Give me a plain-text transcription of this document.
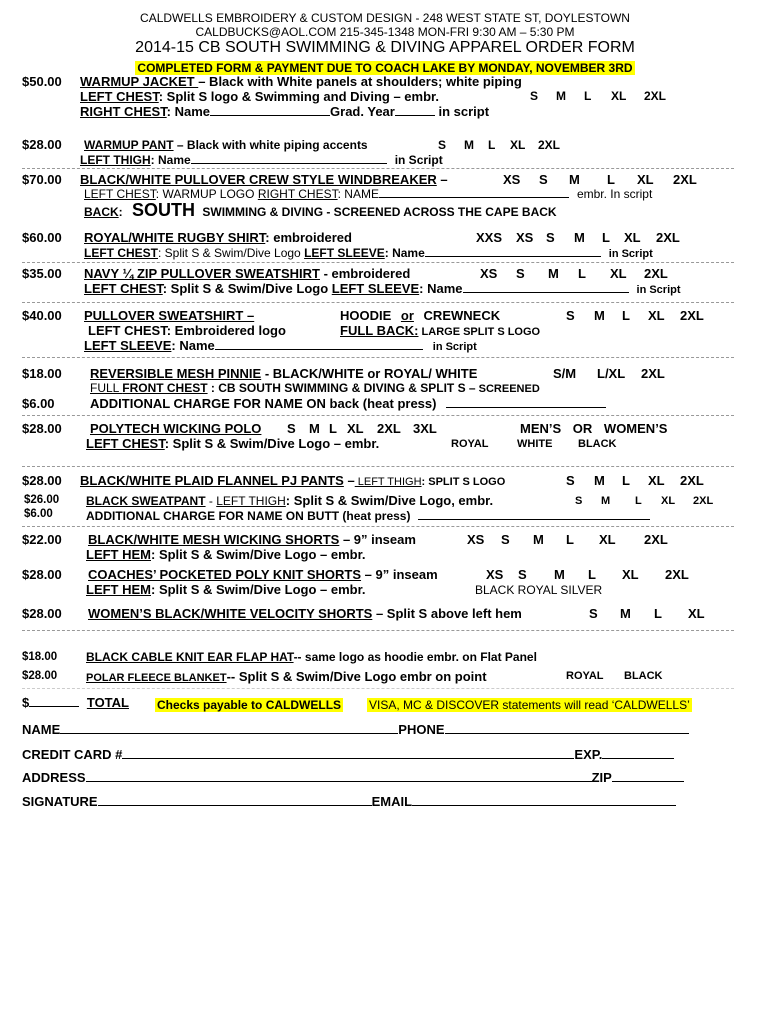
CALDWELLS EMBROIDERY & CUSTOM DESIGN - 248 WEST STATE ST, DOYLESTOWN
CALDBUCKS@AOL.COM 215-345-1348 MON-FRI 9:30 AM – 5:30 PM
2014-15 CB SOUTH SWIMMING & DIVING APPAREL ORDER FORM
COMPLETED FORM & PAYMENT DUE TO COACH LAKE BY MONDAY, NOVEMBER 3RD
$50.00 WARMUP JACKET – Black with White panels at shoulders; white piping
LEFT CHEST: Split S logo & Swimming and Diving – embr.	S M L XL 2XL
RIGHT CHEST: Name	Grad. Year	in script
$28.00 WARMUP PANT – Black with white piping accents	S M L XL 2XL
LEFT THIGH: Name	in Script
$70.00 BLACK/WHITE PULLOVER CREW STYLE WINDBREAKER –	XS S M L XL 2XL
LEFT CHEST: WARMUP LOGO RIGHT CHEST: NAME	embr. In script
BACK: SOUTH SWIMMING & DIVING - SCREENED ACROSS THE CAPE BACK
$60.00 ROYAL/WHITE RUGBY SHIRT: embroidered	XXS XS S M L XL 2XL
LEFT CHEST: Split S & Swim/Dive Logo LEFT SLEEVE: Name	in Script
$35.00 NAVY ¼ ZIP PULLOVER SWEATSHIRT - embroidered	XS S M L XL 2XL
LEFT CHEST: Split S & Swim/Dive Logo LEFT SLEEVE: Name	in Script
$40.00 PULLOVER SWEATSHIRT –	HOODIE or CREWNECK	S M L XL 2XL
LEFT CHEST: Embroidered logo	FULL BACK: LARGE SPLIT S LOGO
LEFT SLEEVE: Name	in Script
$18.00 REVERSIBLE MESH PINNIE - BLACK/WHITE or ROYAL/ WHITE	S/M L/XL 2XL
FULL FRONT CHEST : CB SOUTH SWIMMING & DIVING & SPLIT S – SCREENED
$6.00	ADDITIONAL CHARGE FOR NAME ON back (heat press)
$28.00 POLYTECH WICKING POLO S M L XL 2XL 3XL	MEN’S OR WOMEN’S
LEFT CHEST: Split S & Swim/Dive Logo – embr.	ROYAL	WHITE BLACK
$28.00 BLACK/WHITE PLAID FLANNEL PJ PANTS – LEFT THIGH: SPLIT S LOGO	S M L XL 2XL
$26.00 BLACK SWEATPANT - LEFT THIGH: Split S & Swim/Dive Logo, embr.	S M L XL 2XL
$6.00	ADDITIONAL CHARGE FOR NAME ON BUTT (heat press)
$22.00 BLACK/WHITE MESH WICKING SHORTS – 9” inseam	XS S M L XL 2XL
LEFT HEM: Split S & Swim/Dive Logo – embr.
$28.00 COACHES’ POCKETED POLY KNIT SHORTS – 9” inseam	XS S M L XL 2XL
LEFT HEM: Split S & Swim/Dive Logo – embr.	BLACK ROYAL SILVER
$28.00 WOMEN’S BLACK/WHITE VELOCITY SHORTS – Split S above left hem	S M L XL
$18.00 BLACK CABLE KNIT EAR FLAP HAT-- same logo as hoodie embr. on Flat Panel
$28.00	POLAR FLEECE BLANKET-- Split S & Swim/Dive Logo embr on point	ROYAL BLACK
$	TOTAL Checks payable to CALDWELLS VISA, MC & DISCOVER statements will read ‘CALDWELLS’
NAME	PHONE
CREDIT CARD #	EXP.
ADDRESS	ZIP
SIGNATURE	EMAIL
